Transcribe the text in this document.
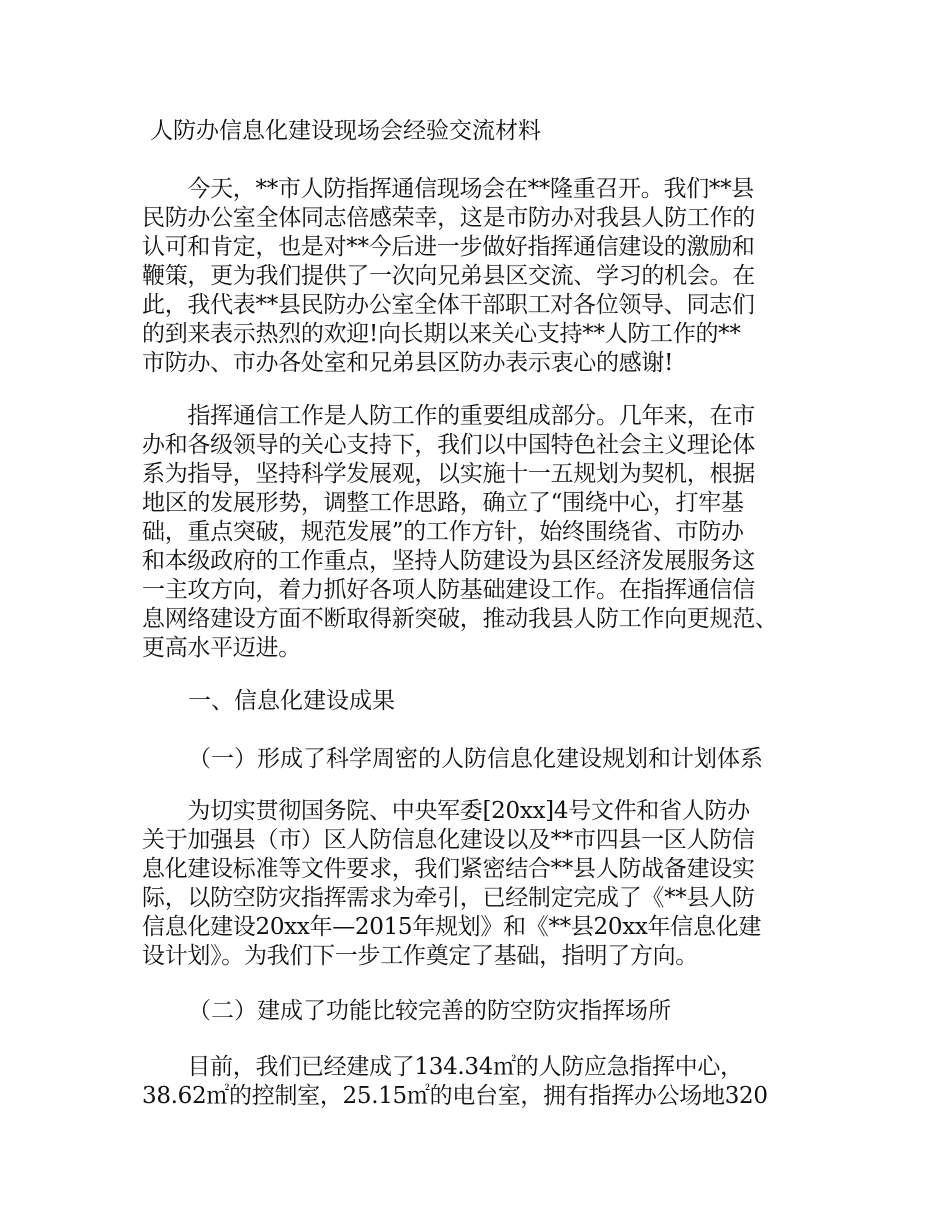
人防办信息化建设现场会经验交流材料
　　今天，**市人防指挥通信现场会在**隆重召开。我们**县
民防办公室全体同志倍感荣幸，这是市防办对我县人防工作的
认可和肯定，也是对**今后进一步做好指挥通信建设的激励和
鞭策，更为我们提供了一次向兄弟县区交流、学习的机会。在
此，我代表**县民防办公室全体干部职工对各位领导、同志们
的到来表示热烈的欢迎!向长期以来关心支持**人防工作的**
市防办、市办各处室和兄弟县区防办表示衷心的感谢!
　　指挥通信工作是人防工作的重要组成部分。几年来，在市
办和各级领导的关心支持下，我们以中国特色社会主义理论体
系为指导，坚持科学发展观，以实施十一五规划为契机，根据
地区的发展形势，调整工作思路，确立了“围绕中心，打牢基
础，重点突破，规范发展”的工作方针，始终围绕省、市防办
和本级政府的工作重点，坚持人防建设为县区经济发展服务这
一主攻方向，着力抓好各项人防基础建设工作。在指挥通信信
息网络建设方面不断取得新突破，推动我县人防工作向更规范、
更高水平迈进。
一、信息化建设成果
（一）形成了科学周密的人防信息化建设规划和计划体系
　　为切实贯彻国务院、中央军委[20xx]4号文件和省人防办
关于加强县（市）区人防信息化建设以及**市四县一区人防信
息化建设标准等文件要求，我们紧密结合**县人防战备建设实
际，以防空防灾指挥需求为牵引，已经制定完成了《**县人防
信息化建设20xx年—2015年规划》和《**县20xx年信息化建
设计划》。为我们下一步工作奠定了基础，指明了方向。
（二）建成了功能比较完善的防空防灾指挥场所
　　目前，我们已经建成了134.34㎡的人防应急指挥中心，
38.62㎡的控制室，25.15㎡的电台室，拥有指挥办公场地320
